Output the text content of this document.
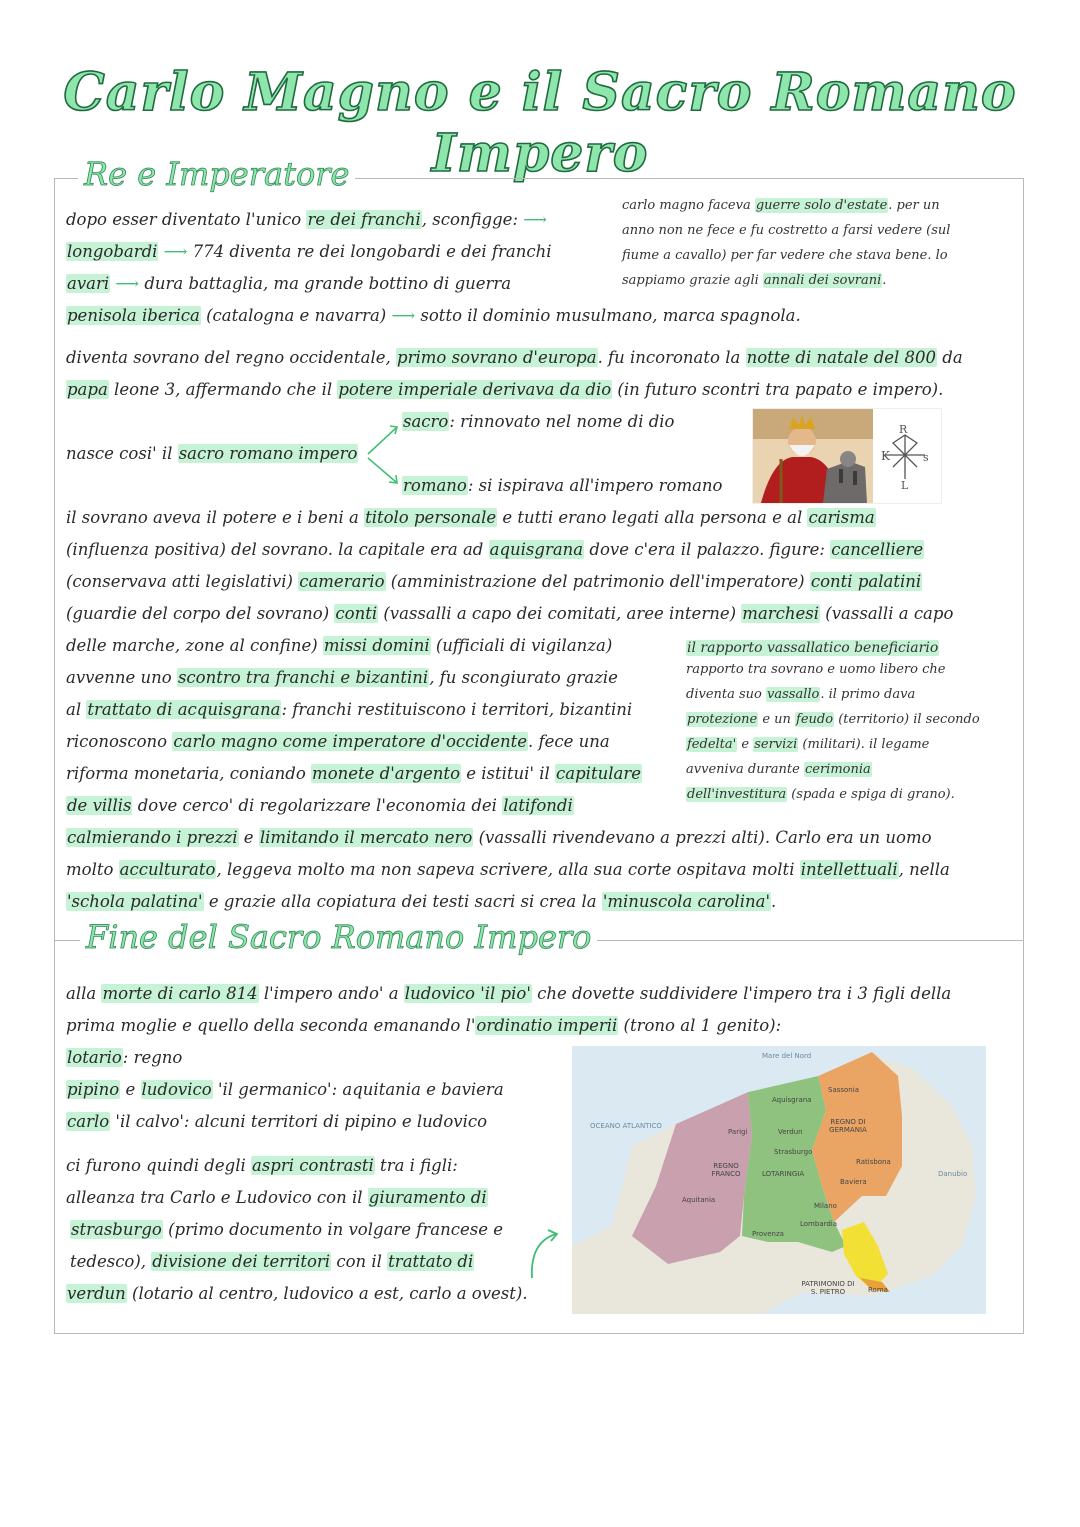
Carlo Magno e il Sacro Romano Impero
Re e Imperatore
Fine del Sacro Romano Impero
dopo esser diventato l'unico re dei franchi, sconfigge: ⟶
longobardi ⟶ 774 diventa re dei longobardi e dei franchi
avari ⟶ dura battaglia, ma grande bottino di guerra
penisola iberica (catalogna e navarra) ⟶ sotto il dominio musulmano, marca spagnola.
carlo magno faceva guerre solo d'estate. per un
anno non ne fece e fu costretto a farsi vedere (sul
fiume a cavallo) per far vedere che stava bene. lo
sappiamo grazie agli annali dei sovrani.
diventa sovrano del regno occidentale, primo sovrano d'europa. fu incoronato la notte di natale del 800 da
papa leone 3, affermando che il potere imperiale derivava da dio (in futuro scontri tra papato e impero).
sacro: rinnovato nel nome di dio
nasce cosi' il sacro romano impero
romano: si ispirava all'impero romano
K
R
s
L
il sovrano aveva il potere e i beni a titolo personale e tutti erano legati alla persona e al carisma
(influenza positiva) del sovrano. la capitale era ad aquisgrana dove c'era il palazzo. figure: cancelliere
(conservava atti legislativi) camerario (amministrazione del patrimonio dell'imperatore) conti palatini
(guardie del corpo del sovrano) conti (vassalli a capo dei comitati, aree interne) marchesi (vassalli a capo
delle marche, zone al confine) missi domini (ufficiali di vigilanza)
avvenne uno scontro tra franchi e bizantini, fu scongiurato grazie
al trattato di acquisgrana: franchi restituiscono i territori, bizantini
riconoscono carlo magno come imperatore d'occidente. fece una
riforma monetaria, coniando monete d'argento e istitui' il capitulare
de villis dove cerco' di regolarizzare l'economia dei latifondi
calmierando i prezzi e limitando il mercato nero (vassalli rivendevano a prezzi alti). Carlo era un uomo
molto acculturato, leggeva molto ma non sapeva scrivere, alla sua corte ospitava molti intellettuali, nella
'schola palatina' e grazie alla copiatura dei testi sacri si crea la 'minuscola carolina'.
il rapporto vassallatico beneficiario
rapporto tra sovrano e uomo libero che
diventa suo vassallo. il primo dava
protezione e un feudo (territorio) il secondo
fedelta' e servizi (militari). il legame
avveniva durante cerimonia
dell'investitura (spada e spiga di grano).
alla morte di carlo 814 l'impero ando' a ludovico 'il pio' che dovette suddividere l'impero tra i 3 figli della
prima moglie e quello della seconda emanando l'ordinatio imperii (trono al 1 genito):
lotario: regno
pipino e ludovico 'il germanico': aquitania e baviera
carlo 'il calvo': alcuni territori di pipino e ludovico
ci furono quindi degli aspri contrasti tra i figli:
alleanza tra Carlo e Ludovico con il giuramento di
strasburgo (primo documento in volgare francese e
tedesco), divisione dei territori con il trattato di
verdun (lotario al centro, ludovico a est, carlo a ovest).
OCEANO ATLANTICO
Mare del Nord
Aquisgrana
Sassonia
Parigi	Verdun
REGNO DI GERMANIA
Strasburgo
Ratisbona
REGNO FRANCO	LOTARINGIA
Baviera
Danubio
Aquitania
Milano
Lombardia
Provenza
PATRIMONIO DI S. PIETRO	Roma
